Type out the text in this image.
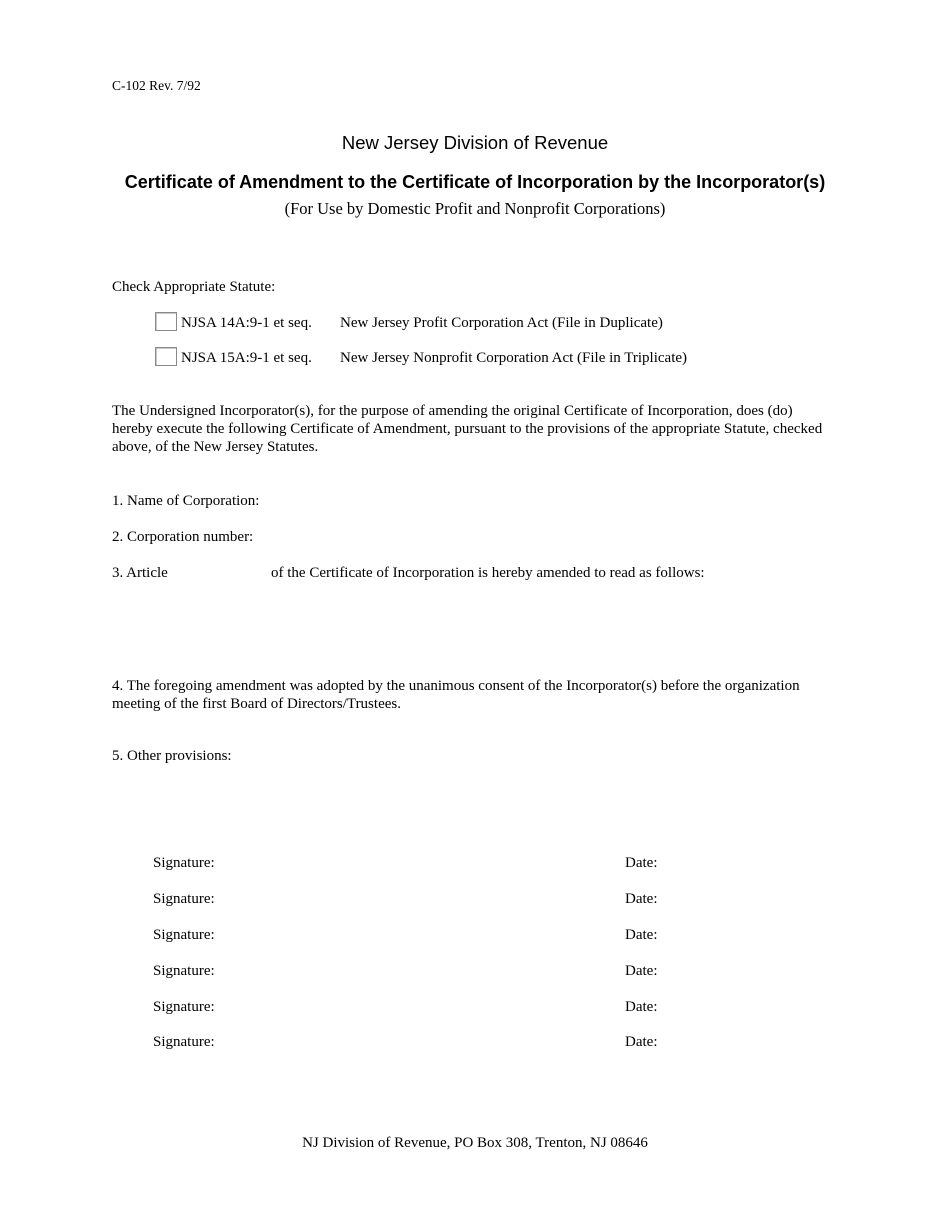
C-102 Rev. 7/92
New Jersey Division of Revenue
Certificate of Amendment to the Certificate of Incorporation by the Incorporator(s)
(For Use by Domestic Profit and Nonprofit Corporations)
Check Appropriate Statute:
NJSA 14A:9-1 et seq. New Jersey Profit Corporation Act (File in Duplicate)
NJSA 15A:9-1 et seq. New Jersey Nonprofit Corporation Act (File in Triplicate)
The Undersigned Incorporator(s), for the purpose of amending the original Certificate of Incorporation, does (do) hereby execute the following Certificate of Amendment, pursuant to the provisions of the appropriate Statute, checked above, of the New Jersey Statutes.
1. Name of Corporation:
2. Corporation number:
3. Article	of the Certificate of Incorporation is hereby amended to read as follows:
4. The foregoing amendment was adopted by the unanimous consent of the Incorporator(s) before the organization meeting of the first Board of Directors/Trustees.
5. Other provisions:
Signature:	Date:
Signature:	Date:
Signature:	Date:
Signature:	Date:
Signature:	Date:
Signature:	Date:
NJ Division of Revenue, PO Box 308, Trenton, NJ 08646
